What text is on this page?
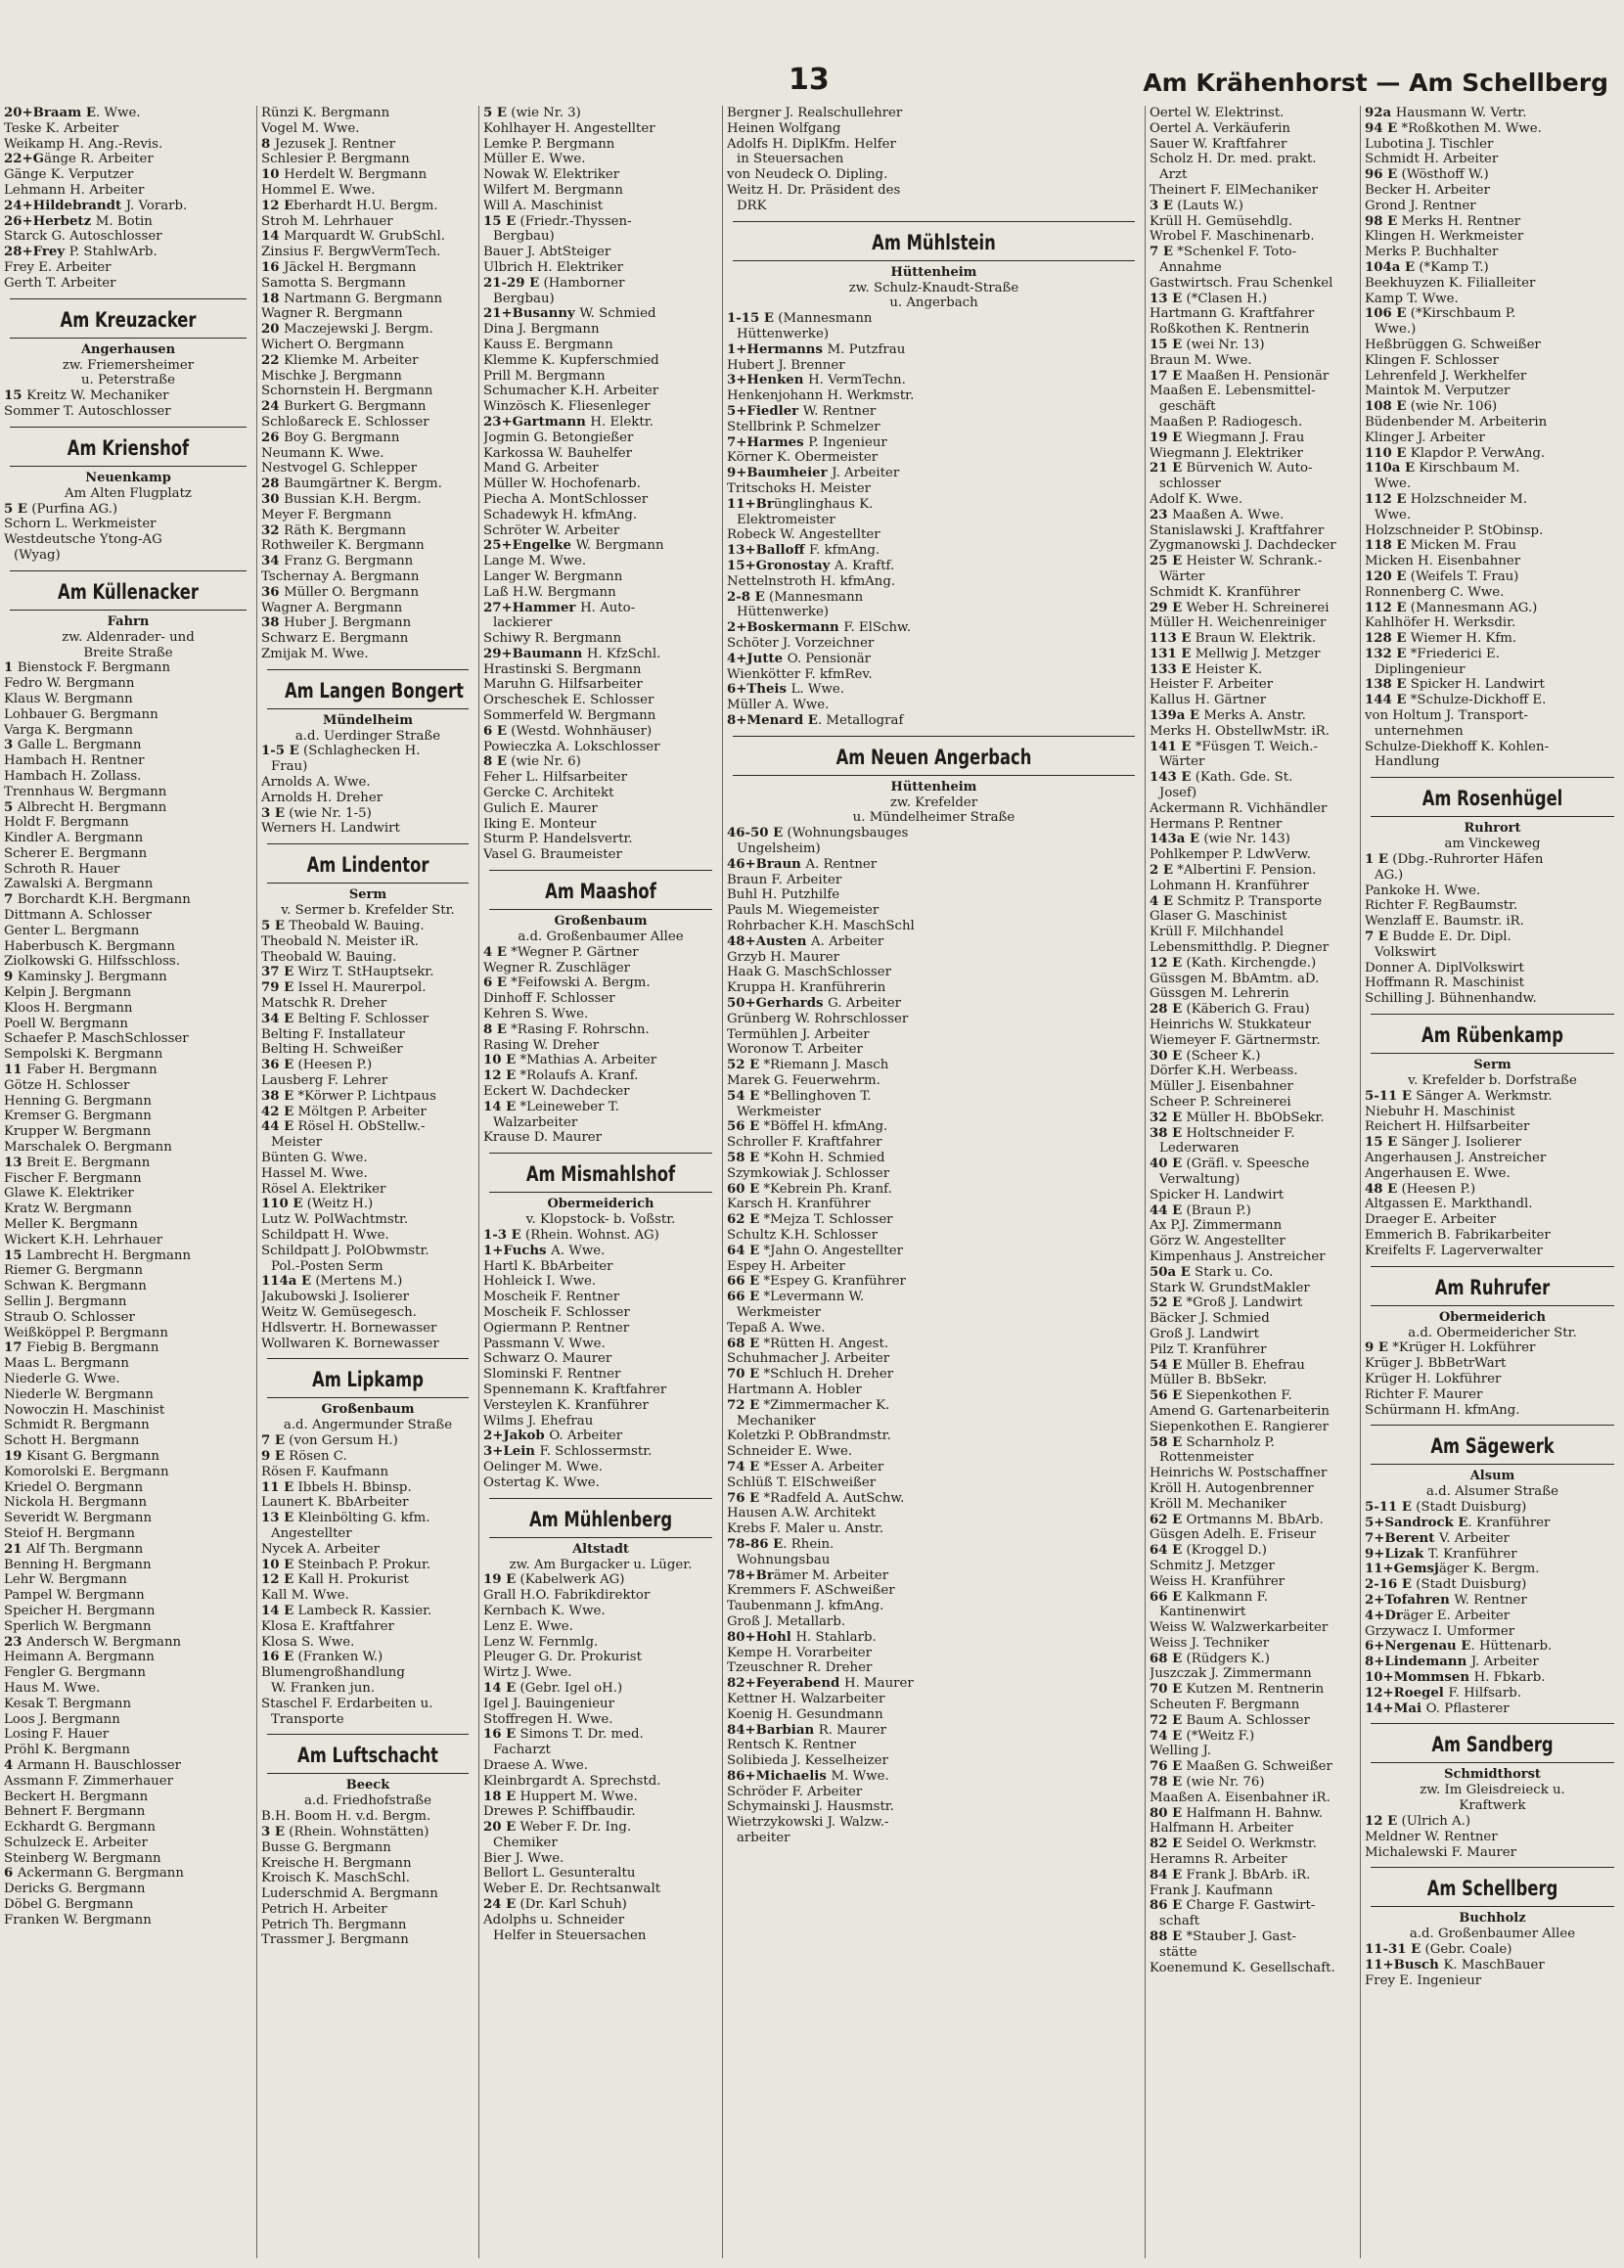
13	Am Krähenhorst — Am Schellberg
20+Braam E. Wwe.
Teske K. Arbeiter
Weikamp H. Ang.-Revis.
22+Gänge R. Arbeiter
Gänge K. Verputzer
Lehmann H. Arbeiter
24+Hildebrandt J. Vorarb.
26+Herbetz M. Botin
Starck G. Autoschlosser
28+Frey P. StahlwArb.
Frey E. Arbeiter
Gerth T. Arbeiter
Am Kreuzacker
Angerhausen
zw. Friemersheimer
u. Peterstraße
15 Kreitz W. Mechaniker
Sommer T. Autoschlosser
Am Krienshof
Neuenkamp
Am Alten Flugplatz
5 E (Purfina AG.)
Schorn L. Werkmeister
Westdeutsche Ytong-AG
(Wyag)
Am Küllenacker
Fahrn
zw. Aldenrader- und
Breite Straße
1 Bienstock F. Bergmann
Fedro W. Bergmann
Klaus W. Bergmann
Lohbauer G. Bergmann
Varga K. Bergmann
3 Galle L. Bergmann
Hambach H. Rentner
Hambach H. Zollass.
Trennhaus W. Bergmann
5 Albrecht H. Bergmann
Holdt F. Bergmann
Kindler A. Bergmann
Scherer E. Bergmann
Schroth R. Hauer
Zawalski A. Bergmann
7 Borchardt K.H. Bergmann
Dittmann A. Schlosser
Genter L. Bergmann
Haberbusch K. Bergmann
Ziolkowski G. Hilfsschloss.
9 Kaminsky J. Bergmann
Kelpin J. Bergmann
Kloos H. Bergmann
Poell W. Bergmann
Schaefer P. MaschSchlosser
Sempolski K. Bergmann
11 Faber H. Bergmann
Götze H. Schlosser
Henning G. Bergmann
Kremser G. Bergmann
Krupper W. Bergmann
Marschalek O. Bergmann
13 Breit E. Bergmann
Fischer F. Bergmann
Glawe K. Elektriker
Kratz W. Bergmann
Meller K. Bergmann
Wickert K.H. Lehrhauer
15 Lambrecht H. Bergmann
Riemer G. Bergmann
Schwan K. Bergmann
Sellin J. Bergmann
Straub O. Schlosser
Weißköppel P. Bergmann
17 Fiebig B. Bergmann
Maas L. Bergmann
Niederle G. Wwe.
Niederle W. Bergmann
Nowoczin H. Maschinist
Schmidt R. Bergmann
Schott H. Bergmann
19 Kisant G. Bergmann
Komorolski E. Bergmann
Kriedel O. Bergmann
Nickola H. Bergmann
Severidt W. Bergmann
Steiof H. Bergmann
21 Alf Th. Bergmann
Benning H. Bergmann
Lehr W. Bergmann
Pampel W. Bergmann
Speicher H. Bergmann
Sperlich W. Bergmann
23 Andersch W. Bergmann
Heimann A. Bergmann
Fengler G. Bergmann
Haus M. Wwe.
Kesak T. Bergmann
Loos J. Bergmann
Losing F. Hauer
Pröhl K. Bergmann
4 Armann H. Bauschlosser
Assmann F. Zimmerhauer
Beckert H. Bergmann
Behnert F. Bergmann
Eckhardt G. Bergmann
Schulzeck E. Arbeiter
Steinberg W. Bergmann
6 Ackermann G. Bergmann
Dericks G. Bergmann
Döbel G. Bergmann
Franken W. Bergmann
Rünzi K. Bergmann
Vogel M. Wwe.
8 Jezusek J. Rentner
Schlesier P. Bergmann
10 Herdelt W. Bergmann
Hommel E. Wwe.
12 Eberhardt H.U. Bergm.
Stroh M. Lehrhauer
14 Marquardt W. GrubSchl.
Zinsius F. BergwVermTech.
16 Jäckel H. Bergmann
Samotta S. Bergmann
18 Nartmann G. Bergmann
Wagner R. Bergmann
20 Maczejewski J. Bergm.
Wichert O. Bergmann
22 Kliemke M. Arbeiter
Mischke J. Bergmann
Schornstein H. Bergmann
24 Burkert G. Bergmann
Schloßareck E. Schlosser
26 Boy G. Bergmann
Neumann K. Wwe.
Nestvogel G. Schlepper
28 Baumgärtner K. Bergm.
30 Bussian K.H. Bergm.
Meyer F. Bergmann
32 Räth K. Bergmann
Rothweiler K. Bergmann
34 Franz G. Bergmann
Tschernay A. Bergmann
36 Müller O. Bergmann
Wagner A. Bergmann
38 Huber J. Bergmann
Schwarz E. Bergmann
Zmijak M. Wwe.
Am Langen Bongert
Mündelheim
a.d. Uerdinger Straße
1-5 E (Schlaghecken H.
Frau)
Arnolds A. Wwe.
Arnolds H. Dreher
3 E (wie Nr. 1-5)
Werners H. Landwirt
Am Lindentor
Serm
v. Sermer b. Krefelder Str.
5 E Theobald W. Bauing.
Theobald N. Meister iR.
Theobald W. Bauing.
37 E Wirz T. StHauptsekr.
79 E Issel H. Maurerpol.
Matschk R. Dreher
34 E Belting F. Schlosser
Belting F. Installateur
Belting H. Schweißer
36 E (Heesen P.)
Lausberg F. Lehrer
38 E *Körwer P. Lichtpaus
42 E Möltgen P. Arbeiter
44 E Rösel H. ObStellw.-
Meister
Bünten G. Wwe.
Hassel M. Wwe.
Rösel A. Elektriker
110 E (Weitz H.)
Lutz W. PolWachtmstr.
Schildpatt H. Wwe.
Schildpatt J. PolObwmstr.
Pol.-Posten Serm
114a E (Mertens M.)
Jakubowski J. Isolierer
Weitz W. Gemüsegesch.
Hdlsvertr. H. Bornewasser
Wollwaren K. Bornewasser
Am Lipkamp
Großenbaum
a.d. Angermunder Straße
7 E (von Gersum H.)
9 E Rösen C.
Rösen F. Kaufmann
11 E Ibbels H. Bbinsp.
Launert K. BbArbeiter
13 E Kleinbölting G. kfm.
Angestellter
Nycek A. Arbeiter
10 E Steinbach P. Prokur.
12 E Kall H. Prokurist
Kall M. Wwe.
14 E Lambeck R. Kassier.
Klosa E. Kraftfahrer
Klosa S. Wwe.
16 E (Franken W.)
Blumengroßhandlung
W. Franken jun.
Staschel F. Erdarbeiten u.
Transporte
Am Luftschacht
Beeck
a.d. Friedhofstraße
B.H. Boom H. v.d. Bergm.
3 E (Rhein. Wohnstätten)
Busse G. Bergmann
Kreische H. Bergmann
Kroisch K. MaschSchl.
Luderschmid A. Bergmann
Petrich H. Arbeiter
Petrich Th. Bergmann
Trassmer J. Bergmann
5 E (wie Nr. 3)
Kohlhayer H. Angestellter
Lemke P. Bergmann
Müller E. Wwe.
Nowak W. Elektriker
Wilfert M. Bergmann
Will A. Maschinist
15 E (Friedr.-Thyssen-
Bergbau)
Bauer J. AbtSteiger
Ulbrich H. Elektriker
21-29 E (Hamborner
Bergbau)
21+Busanny W. Schmied
Dina J. Bergmann
Kauss E. Bergmann
Klemme K. Kupferschmied
Prill M. Bergmann
Schumacher K.H. Arbeiter
Winzösch K. Fliesenleger
23+Gartmann H. Elektr.
Jogmin G. Betongießer
Karkossa W. Bauhelfer
Mand G. Arbeiter
Müller W. Hochofenarb.
Piecha A. MontSchlosser
Schadewyk H. kfmAng.
Schröter W. Arbeiter
25+Engelke W. Bergmann
Lange M. Wwe.
Langer W. Bergmann
Laß H.W. Bergmann
27+Hammer H. Auto-
lackierer
Schiwy R. Bergmann
29+Baumann H. KfzSchl.
Hrastinski S. Bergmann
Maruhn G. Hilfsarbeiter
Orscheschek E. Schlosser
Sommerfeld W. Bergmann
6 E (Westd. Wohnhäuser)
Powieczka A. Lokschlosser
8 E (wie Nr. 6)
Feher L. Hilfsarbeiter
Gercke C. Architekt
Gulich E. Maurer
Iking E. Monteur
Sturm P. Handelsvertr.
Vasel G. Braumeister
Am Maashof
Großenbaum
a.d. Großenbaumer Allee
4 E *Wegner P. Gärtner
Wegner R. Zuschläger
6 E *Feifowski A. Bergm.
Dinhoff F. Schlosser
Kehren S. Wwe.
8 E *Rasing F. Rohrschn.
Rasing W. Dreher
10 E *Mathias A. Arbeiter
12 E *Rolaufs A. Kranf.
Eckert W. Dachdecker
14 E *Leineweber T.
Walzarbeiter
Krause D. Maurer
Am Mismahlshof
Obermeiderich
v. Klopstock- b. Voßstr.
1-3 E (Rhein. Wohnst. AG)
1+Fuchs A. Wwe.
Hartl K. BbArbeiter
Hohleick I. Wwe.
Moscheik F. Rentner
Moscheik F. Schlosser
Ogiermann P. Rentner
Passmann V. Wwe.
Schwarz O. Maurer
Slominski F. Rentner
Spennemann K. Kraftfahrer
Versteylen K. Kranführer
Wilms J. Ehefrau
2+Jakob O. Arbeiter
3+Lein F. Schlossermstr.
Oelinger M. Wwe.
Ostertag K. Wwe.
Am Mühlenberg
Altstadt
zw. Am Burgacker u. Lüger.
19 E (Kabelwerk AG)
Grall H.O. Fabrikdirektor
Kernbach K. Wwe.
Lenz E. Wwe.
Lenz W. Fernmlg.
Pleuger G. Dr. Prokurist
Wirtz J. Wwe.
14 E (Gebr. Igel oH.)
Igel J. Bauingenieur
Stoffregen H. Wwe.
16 E Simons T. Dr. med.
Facharzt
Draese A. Wwe.
Kleinbrgardt A. Sprechstd.
18 E Huppert M. Wwe.
Drewes P. Schiffbaudir.
20 E Weber F. Dr. Ing.
Chemiker
Bier J. Wwe.
Bellort L. Gesunteraltu
Weber E. Dr. Rechtsanwalt
24 E (Dr. Karl Schuh)
Adolphs u. Schneider
Helfer in Steuersachen
Bergner J. Realschullehrer
Heinen Wolfgang
Adolfs H. DiplKfm. Helfer
in Steuersachen
von Neudeck O. Dipling.
Weitz H. Dr. Präsident des
DRK
Am Mühlstein
Hüttenheim
zw. Schulz-Knaudt-Straße
u. Angerbach
1-15 E (Mannesmann
Hüttenwerke)
1+Hermanns M. Putzfrau
Hubert J. Brenner
3+Henken H. VermTechn.
Henkenjohann H. Werkmstr.
5+Fiedler W. Rentner
Stellbrink P. Schmelzer
7+Harmes P. Ingenieur
Körner K. Obermeister
9+Baumheier J. Arbeiter
Tritschoks H. Meister
11+Brünglinghaus K.
Elektromeister
Robeck W. Angestellter
13+Balloff F. kfmAng.
15+Gronostay A. Kraftf.
Nettelnstroth H. kfmAng.
2-8 E (Mannesmann
Hüttenwerke)
2+Boskermann F. ElSchw.
Schöter J. Vorzeichner
4+Jutte O. Pensionär
Wienkötter F. kfmRev.
6+Theis L. Wwe.
Müller A. Wwe.
8+Menard E. Metallograf
Am Neuen Angerbach
Hüttenheim
zw. Krefelder
u. Mündelheimer Straße
46-50 E (Wohnungsbauges
Ungelsheim)
46+Braun A. Rentner
Braun F. Arbeiter
Buhl H. Putzhilfe
Pauls M. Wiegemeister
Rohrbacher K.H. MaschSchl
48+Austen A. Arbeiter
Grzyb H. Maurer
Haak G. MaschSchlosser
Kruppa H. Kranführerin
50+Gerhards G. Arbeiter
Grünberg W. Rohrschlosser
Termühlen J. Arbeiter
Woronow T. Arbeiter
52 E *Riemann J. Masch
Marek G. Feuerwehrm.
54 E *Bellinghoven T.
Werkmeister
56 E *Böffel H. kfmAng.
Schroller F. Kraftfahrer
58 E *Kohn H. Schmied
Szymkowiak J. Schlosser
60 E *Kebrein Ph. Kranf.
Karsch H. Kranführer
62 E *Mejza T. Schlosser
Schultz K.H. Schlosser
64 E *Jahn O. Angestellter
Espey H. Arbeiter
66 E *Espey G. Kranführer
66 E *Levermann W.
Werkmeister
Tepaß A. Wwe.
68 E *Rütten H. Angest.
Schuhmacher J. Arbeiter
70 E *Schluch H. Dreher
Hartmann A. Hobler
72 E *Zimmermacher K.
Mechaniker
Koletzki P. ObBrandmstr.
Schneider E. Wwe.
74 E *Esser A. Arbeiter
Schlüß T. ElSchweißer
76 E *Radfeld A. AutSchw.
Hausen A.W. Architekt
Krebs F. Maler u. Anstr.
78-86 E. Rhein.
Wohnungsbau
78+Brämer M. Arbeiter
Kremmers F. ASchweißer
Taubenmann J. kfmAng.
Groß J. Metallarb.
80+Hohl H. Stahlarb.
Kempe H. Vorarbeiter
Tzeuschner R. Dreher
82+Feyerabend H. Maurer
Kettner H. Walzarbeiter
Koenig H. Gesundmann
84+Barbian R. Maurer
Rentsch K. Rentner
Solibieda J. Kesselheizer
86+Michaelis M. Wwe.
Schröder F. Arbeiter
Schymainski J. Hausmstr.
Wietrzykowski J. Walzw.-
arbeiter
Oertel W. Elektrinst.
Oertel A. Verkäuferin
Sauer W. Kraftfahrer
Scholz H. Dr. med. prakt.
Arzt
Theinert F. ElMechaniker
3 E (Lauts W.)
Krüll H. Gemüsehdlg.
Wrobel F. Maschinenarb.
7 E *Schenkel F. Toto-
Annahme
Gastwirtsch. Frau Schenkel
13 E (*Clasen H.)
Hartmann G. Kraftfahrer
Roßkothen K. Rentnerin
15 E (wei Nr. 13)
Braun M. Wwe.
17 E Maaßen H. Pensionär
Maaßen E. Lebensmittel-
geschäft
Maaßen P. Radiogesch.
19 E Wiegmann J. Frau
Wiegmann J. Elektriker
21 E Bürvenich W. Auto-
schlosser
Adolf K. Wwe.
23 Maaßen A. Wwe.
Stanislawski J. Kraftfahrer
Zygmanowski J. Dachdecker
25 E Heister W. Schrank.-
Wärter
Schmidt K. Kranführer
29 E Weber H. Schreinerei
Müller H. Weichenreiniger
113 E Braun W. Elektrik.
131 E Mellwig J. Metzger
133 E Heister K.
Heister F. Arbeiter
Kallus H. Gärtner
139a E Merks A. Anstr.
Merks H. ObstellwMstr. iR.
141 E *Füsgen T. Weich.-
Wärter
143 E (Kath. Gde. St.
Josef)
Ackermann R. Vichhändler
Hermans P. Rentner
143a E (wie Nr. 143)
Pohlkemper P. LdwVerw.
2 E *Albertini F. Pension.
Lohmann H. Kranführer
4 E Schmitz P. Transporte
Glaser G. Maschinist
Krüll F. Milchhandel
Lebensmitthdlg. P. Diegner
12 E (Kath. Kirchengde.)
Güssgen M. BbAmtm. aD.
Güssgen M. Lehrerin
28 E (Käberich G. Frau)
Heinrichs W. Stukkateur
Wiemeyer F. Gärtnermstr.
30 E (Scheer K.)
Dörfer K.H. Werbeass.
Müller J. Eisenbahner
Scheer P. Schreinerei
32 E Müller H. BbObSekr.
38 E Holtschneider F.
Lederwaren
40 E (Gräfl. v. Speesche
Verwaltung)
Spicker H. Landwirt
44 E (Braun P.)
Ax P.J. Zimmermann
Görz W. Angestellter
Kimpenhaus J. Anstreicher
50a E Stark u. Co.
Stark W. GrundstMakler
52 E *Groß J. Landwirt
Bäcker J. Schmied
Groß J. Landwirt
Pilz T. Kranführer
54 E Müller B. Ehefrau
Müller B. BbSekr.
56 E Siepenkothen F.
Amend G. Gartenarbeiterin
Siepenkothen E. Rangierer
58 E Scharnholz P.
Rottenmeister
Heinrichs W. Postschaffner
Kröll H. Autogenbrenner
Kröll M. Mechaniker
62 E Ortmanns M. BbArb.
Güsgen Adelh. E. Friseur
64 E (Kroggel D.)
Schmitz J. Metzger
Weiss H. Kranführer
66 E Kalkmann F.
Kantinenwirt
Weiss W. Walzwerkarbeiter
Weiss J. Techniker
68 E (Rüdgers K.)
Juszczak J. Zimmermann
70 E Kutzen M. Rentnerin
Scheuten F. Bergmann
72 E Baum A. Schlosser
74 E (*Weitz F.)
Welling J.
76 E Maaßen G. Schweißer
78 E (wie Nr. 76)
Maaßen A. Eisenbahner iR.
80 E Halfmann H. Bahnw.
Halfmann H. Arbeiter
82 E Seidel O. Werkmstr.
Heramns R. Arbeiter
84 E Frank J. BbArb. iR.
Frank J. Kaufmann
86 E Charge F. Gastwirt-
schaft
88 E *Stauber J. Gast-
stätte
Koenemund K. Gesellschaft.
92a Hausmann W. Vertr.
94 E *Roßkothen M. Wwe.
Lubotina J. Tischler
Schmidt H. Arbeiter
96 E (Wösthoff W.)
Becker H. Arbeiter
Grond J. Rentner
98 E Merks H. Rentner
Klingen H. Werkmeister
Merks P. Buchhalter
104a E (*Kamp T.)
Beekhuyzen K. Filialleiter
Kamp T. Wwe.
106 E (*Kirschbaum P.
Wwe.)
Heßbrüggen G. Schweißer
Klingen F. Schlosser
Lehrenfeld J. Werkhelfer
Maintok M. Verputzer
108 E (wie Nr. 106)
Büdenbender M. Arbeiterin
Klinger J. Arbeiter
110 E Klapdor P. VerwAng.
110a E Kirschbaum M.
Wwe.
112 E Holzschneider M.
Wwe.
Holzschneider P. StObinsp.
118 E Micken M. Frau
Micken H. Eisenbahner
120 E (Weifels T. Frau)
Ronnenberg C. Wwe.
112 E (Mannesmann AG.)
Kahlhöfer H. Werksdir.
128 E Wiemer H. Kfm.
132 E *Friederici E.
Diplingenieur
138 E Spicker H. Landwirt
144 E *Schulze-Dickhoff E.
von Holtum J. Transport-
unternehmen
Schulze-Diekhoff K. Kohlen-
Handlung
Am Rosenhügel
Ruhrort
am Vinckeweg
1 E (Dbg.-Ruhrorter Häfen
AG.)
Pankoke H. Wwe.
Richter F. RegBaumstr.
Wenzlaff E. Baumstr. iR.
7 E Budde E. Dr. Dipl.
Volkswirt
Donner A. DiplVolkswirt
Hoffmann R. Maschinist
Schilling J. Bühnenhandw.
Am Rübenkamp
Serm
v. Krefelder b. Dorfstraße
5-11 E Sänger A. Werkmstr.
Niebuhr H. Maschinist
Reichert H. Hilfsarbeiter
15 E Sänger J. Isolierer
Angerhausen J. Anstreicher
Angerhausen E. Wwe.
48 E (Heesen P.)
Altgassen E. Markthandl.
Draeger E. Arbeiter
Emmerich B. Fabrikarbeiter
Kreifelts F. Lagerverwalter
Am Ruhrufer
Obermeiderich
a.d. Obermeidericher Str.
9 E *Krüger H. Lokführer
Krüger J. BbBetrWart
Krüger H. Lokführer
Richter F. Maurer
Schürmann H. kfmAng.
Am Sägewerk
Alsum
a.d. Alsumer Straße
5-11 E (Stadt Duisburg)
5+Sandrock E. Kranführer
7+Berent V. Arbeiter
9+Lizak T. Kranführer
11+Gemsjäger K. Bergm.
2-16 E (Stadt Duisburg)
2+Tofahren W. Rentner
4+Dräger E. Arbeiter
Grzywacz I. Umformer
6+Nergenau E. Hüttenarb.
8+Lindemann J. Arbeiter
10+Mommsen H. Fbkarb.
12+Roegel F. Hilfsarb.
14+Mai O. Pflasterer
Am Sandberg
Schmidthorst
zw. Im Gleisdreieck u.
Kraftwerk
12 E (Ulrich A.)
Meldner W. Rentner
Michalewski F. Maurer
Am Schellberg
Buchholz
a.d. Großenbaumer Allee
11-31 E (Gebr. Coale)
11+Busch K. MaschBauer
Frey E. Ingenieur
